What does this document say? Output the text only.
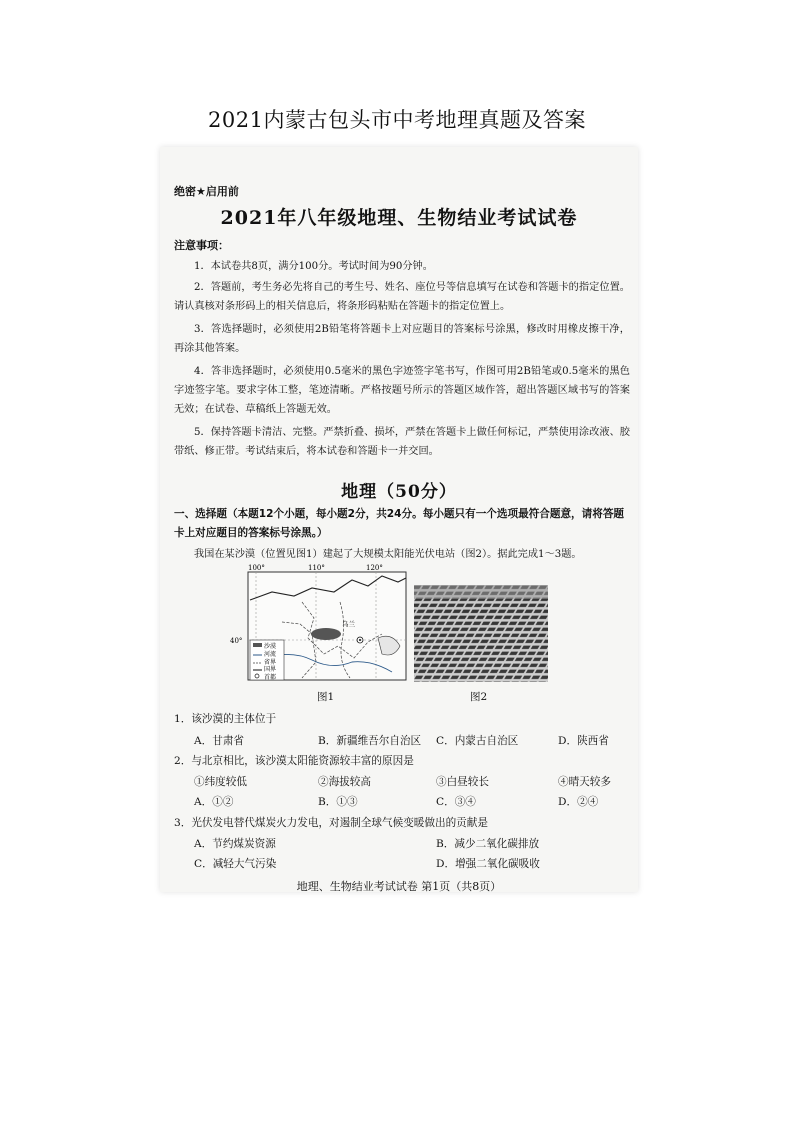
2021内蒙古包头市中考地理真题及答案
绝密★启用前
2021年八年级地理、生物结业考试试卷
注意事项：
1．本试卷共8页，满分100分。考试时间为90分钟。
2．答题前，考生务必先将自己的考生号、姓名、座位号等信息填写在试卷和答题卡的指定位置。请认真核对条形码上的相关信息后，将条形码粘贴在答题卡的指定位置上。
3．答选择题时，必须使用2B铅笔将答题卡上对应题目的答案标号涂黑，修改时用橡皮擦干净，再涂其他答案。
4．答非选择题时，必须使用0.5毫米的黑色字迹签字笔书写，作图可用2B铅笔或0.5毫米的黑色字迹签字笔。要求字体工整，笔迹清晰。严格按题号所示的答题区域作答，超出答题区域书写的答案无效；在试卷、草稿纸上答题无效。
5．保持答题卡清洁、完整。严禁折叠、损坏，严禁在答题卡上做任何标记，严禁使用涂改液、胶带纸、修正带。考试结束后，将本试卷和答题卡一并交回。
地理（50分）
一、选择题（本题12个小题，每小题2分，共24分。每小题只有一个选项最符合题意，请将答题卡上对应题目的答案标号涂黑。）
我国在某沙漠（位置见图1）建起了大规模太阳能光伏电站（图2）。据此完成1～3题。
100°	110°	120°
40°
乌兰
沙漠
河流
省界
国界
首都
图1	图2
1．该沙漠的主体位于
A．甘肃省	B．新疆维吾尔自治区 C．内蒙古自治区	D．陕西省
2．与北京相比，该沙漠太阳能资源较丰富的原因是
①纬度较低	②海拔较高	③白昼较长	④晴天较多
A．①②	B．①③	C．③④	D．②④
3．光伏发电替代煤炭火力发电，对遏制全球气候变暖做出的贡献是
A．节约煤炭资源	B．减少二氧化碳排放
C．减轻大气污染	D．增强二氧化碳吸收
地理、生物结业考试试卷 第1页（共8页）
